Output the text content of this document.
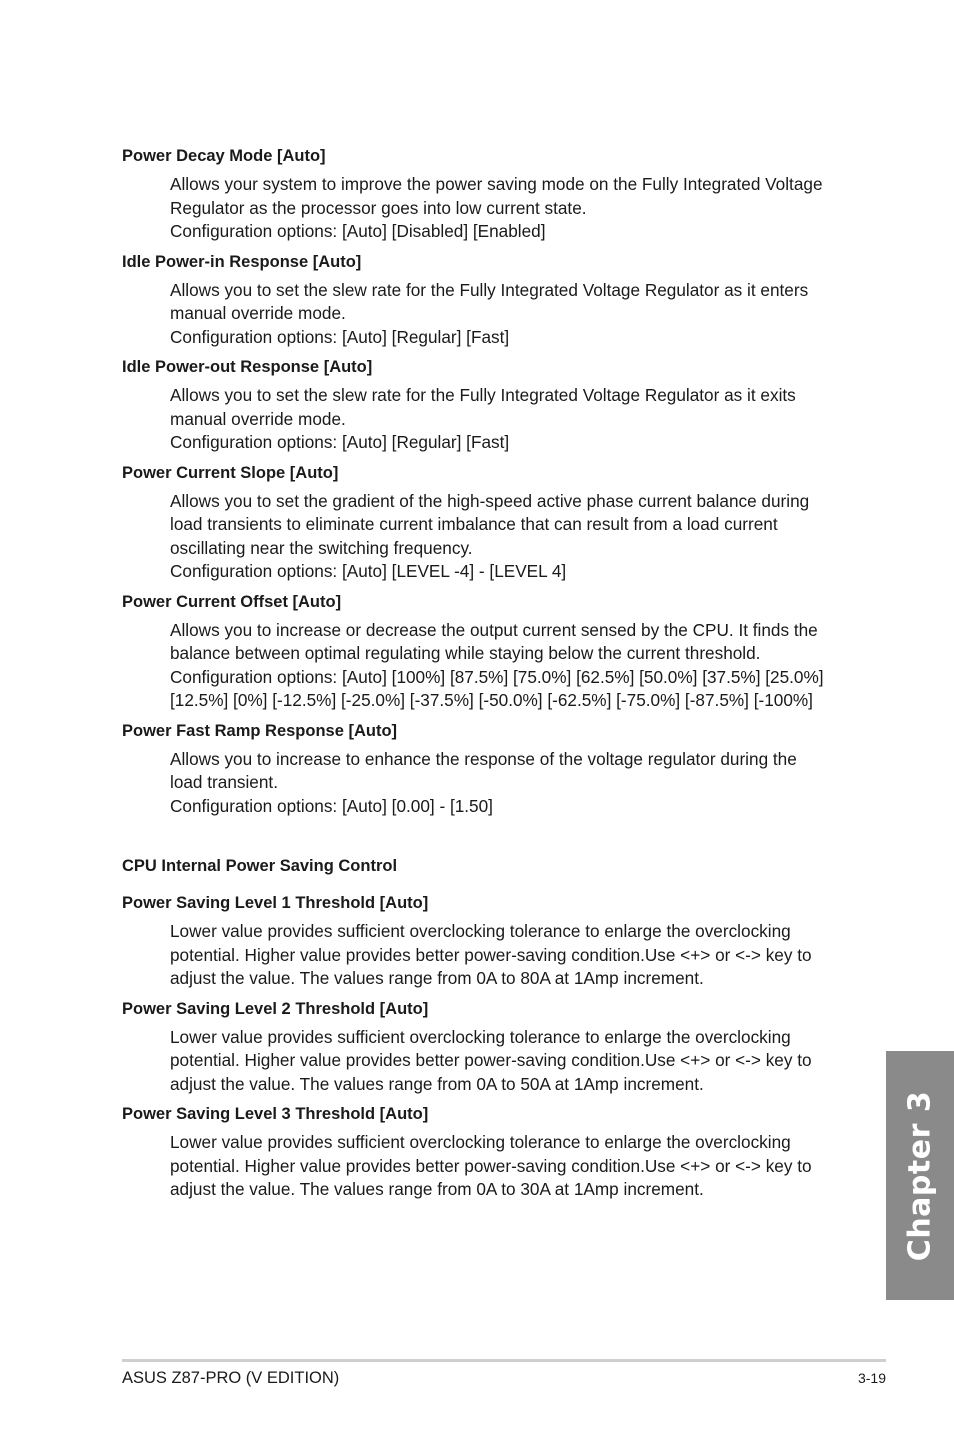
Power Decay Mode [Auto]

Allows your system to improve the power saving mode on the Fully Integrated Voltage Regulator as the processor goes into low current state.

Configuration options: [Auto] [Disabled] [Enabled]

Idle Power-in Response [Auto]

Allows you to set the slew rate for the Fully Integrated Voltage Regulator as it enters manual override mode.

Configuration options: [Auto] [Regular] [Fast]

Idle Power-out Response [Auto]

Allows you to set the slew rate for the Fully Integrated Voltage Regulator as it exits manual override mode.

Configuration options: [Auto] [Regular] [Fast]

Power Current Slope [Auto]

Allows you to set the gradient of the high-speed active phase current balance during load transients to eliminate current imbalance that can result from a load current oscillating near the switching frequency.

Configuration options: [Auto] [LEVEL -4] - [LEVEL 4]

Power Current Offset [Auto]

Allows you to increase or decrease the output current sensed by the CPU. It finds the balance between optimal regulating while staying below the current threshold.

Configuration options: [Auto] [100%] [87.5%] [75.0%] [62.5%] [50.0%] [37.5%] [25.0%] [12.5%] [0%] [-12.5%] [-25.0%] [-37.5%] [-50.0%] [-62.5%] [-75.0%] [-87.5%] [-100%]

Power Fast Ramp Response [Auto]

Allows you to increase to enhance the response of the voltage regulator during the load transient.

Configuration options: [Auto] [0.00] - [1.50]

CPU Internal Power Saving Control
Power Saving Level 1 Threshold [Auto]

Lower value provides sufficient overclocking tolerance to enlarge the overclocking potential. Higher value provides better power-saving condition.Use <+> or <-> key to adjust the value. The values range from 0A to 80A at 1Amp increment.

Power Saving Level 2 Threshold [Auto]

Lower value provides sufficient overclocking tolerance to enlarge the overclocking potential. Higher value provides better power-saving condition.Use <+> or <-> key to adjust the value. The values range from 0A to 50A at 1Amp increment.

Power Saving Level 3 Threshold [Auto]

Lower value provides sufficient overclocking tolerance to enlarge the overclocking potential. Higher value provides better power-saving condition.Use <+> or <-> key to adjust the value. The values range from 0A to 30A at 1Amp increment.	Chapter 3
ASUS Z87-PRO (V EDITION)	3-19
